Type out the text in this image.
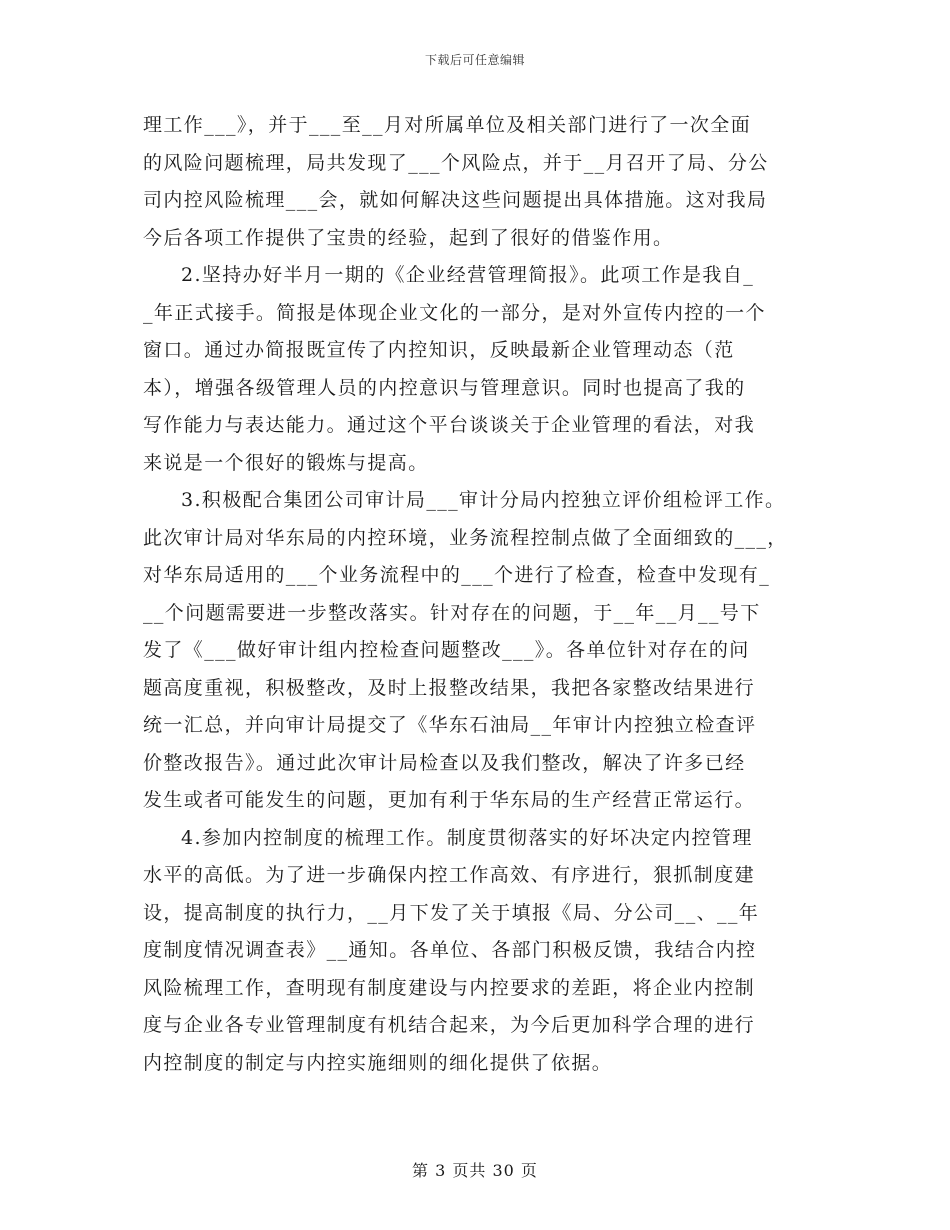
下载后可任意编辑
理工作___》，并于___至__月对所属单位及相关部门进行了一次全面
的风险问题梳理，局共发现了___个风险点，并于__月召开了局、分公
司内控风险梳理___会，就如何解决这些问题提出具体措施。这对我局
今后各项工作提供了宝贵的经验，起到了很好的借鉴作用。
2.坚持办好半月一期的《企业经营管理简报》。此项工作是我自_
_年正式接手。简报是体现企业文化的一部分，是对外宣传内控的一个
窗口。通过办简报既宣传了内控知识，反映最新企业管理动态（范
本），增强各级管理人员的内控意识与管理意识。同时也提高了我的
写作能力与表达能力。通过这个平台谈谈关于企业管理的看法，对我
来说是一个很好的锻炼与提高。
3.积极配合集团公司审计局___审计分局内控独立评价组检评工作。
此次审计局对华东局的内控环境，业务流程控制点做了全面细致的___，
对华东局适用的___个业务流程中的___个进行了检查，检查中发现有_
__个问题需要进一步整改落实。针对存在的问题，于__年__月__号下
发了《___做好审计组内控检查问题整改___》。各单位针对存在的问
题高度重视，积极整改，及时上报整改结果，我把各家整改结果进行
统一汇总，并向审计局提交了《华东石油局__年审计内控独立检查评
价整改报告》。通过此次审计局检查以及我们整改，解决了许多已经
发生或者可能发生的问题，更加有利于华东局的生产经营正常运行。
4.参加内控制度的梳理工作。制度贯彻落实的好坏决定内控管理
水平的高低。为了进一步确保内控工作高效、有序进行，狠抓制度建
设，提高制度的执行力，__月下发了关于填报《局、分公司__、__年
度制度情况调查表》__通知。各单位、各部门积极反馈，我结合内控
风险梳理工作，查明现有制度建设与内控要求的差距，将企业内控制
度与企业各专业管理制度有机结合起来，为今后更加科学合理的进行
内控制度的制定与内控实施细则的细化提供了依据。
第 3 页共 30 页
